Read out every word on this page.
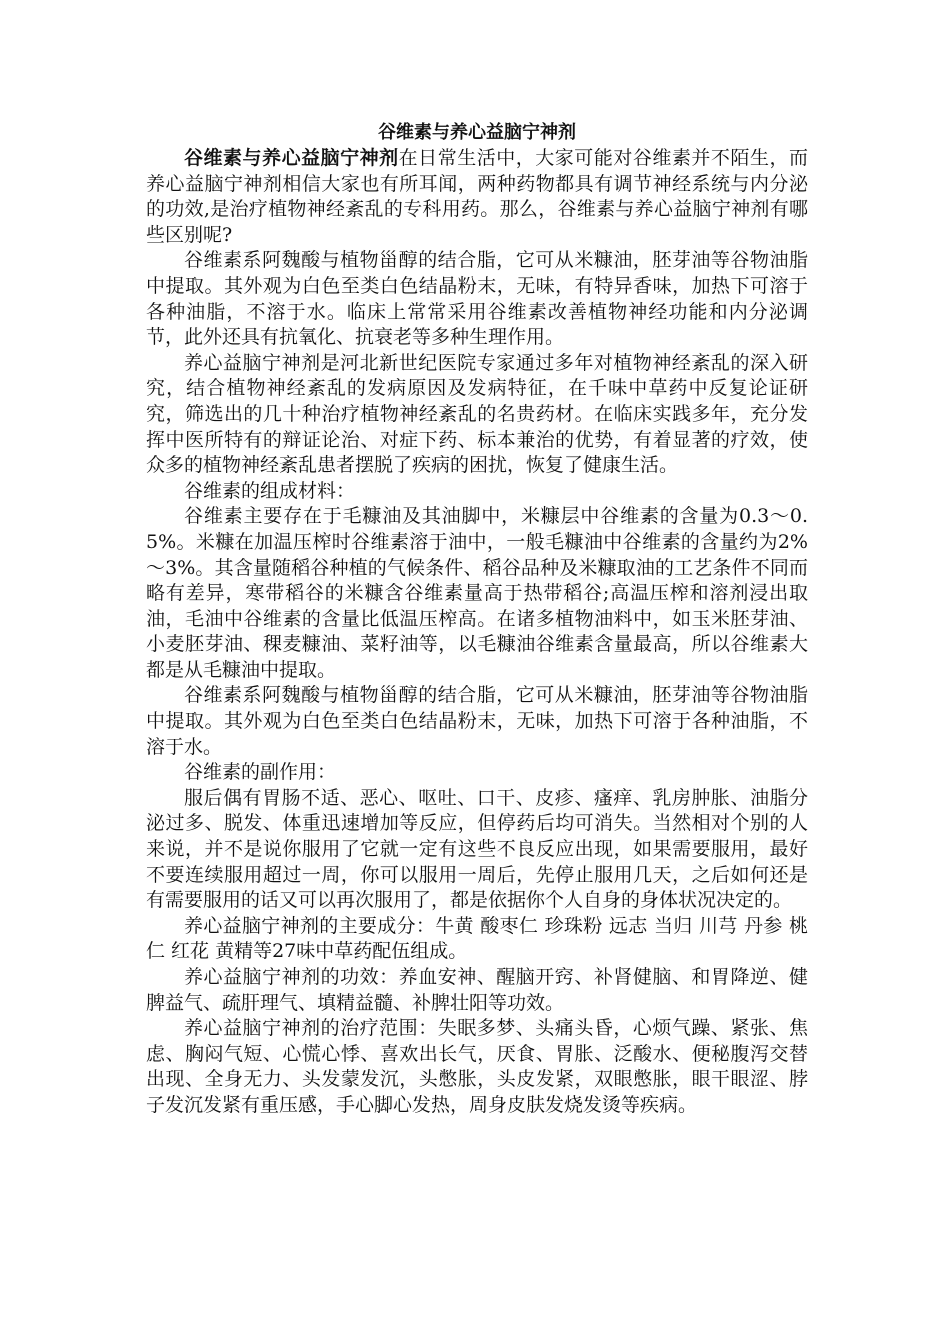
谷维素与养心益脑宁神剂

谷维素与养心益脑宁神剂在日常生活中，大家可能对谷维素并不陌生，而养心益脑宁神剂相信大家也有所耳闻，两种药物都具有调节神经系统与内分泌的功效,是治疗植物神经紊乱的专科用药。那么，谷维素与养心益脑宁神剂有哪些区别呢?

谷维素系阿魏酸与植物甾醇的结合脂，它可从米糠油，胚芽油等谷物油脂中提取。其外观为白色至类白色结晶粉末，无味，有特异香味，加热下可溶于各种油脂，不溶于水。临床上常常采用谷维素改善植物神经功能和内分泌调节，此外还具有抗氧化、抗衰老等多种生理作用。

养心益脑宁神剂是河北新世纪医院专家通过多年对植物神经紊乱的深入研究，结合植物神经紊乱的发病原因及发病特征，在千味中草药中反复论证研究，筛选出的几十种治疗植物神经紊乱的名贵药材。在临床实践多年，充分发挥中医所特有的辩证论治、对症下药、标本兼治的优势，有着显著的疗效，使众多的植物神经紊乱患者摆脱了疾病的困扰，恢复了健康生活。

谷维素的组成材料：

谷维素主要存在于毛糠油及其油脚中，米糠层中谷维素的含量为0.3～0.5%。米糠在加温压榨时谷维素溶于油中，一般毛糠油中谷维素的含量约为2%～3%。其含量随稻谷种植的气候条件、稻谷品种及米糠取油的工艺条件不同而略有差异，寒带稻谷的米糠含谷维素量高于热带稻谷;高温压榨和溶剂浸出取油，毛油中谷维素的含量比低温压榨高。在诸多植物油料中，如玉米胚芽油、小麦胚芽油、稞麦糠油、菜籽油等，以毛糠油谷维素含量最高，所以谷维素大都是从毛糠油中提取。

谷维素系阿魏酸与植物甾醇的结合脂，它可从米糠油，胚芽油等谷物油脂中提取。其外观为白色至类白色结晶粉末，无味，加热下可溶于各种油脂，不溶于水。

谷维素的副作用：

服后偶有胃肠不适、恶心、呕吐、口干、皮疹、瘙痒、乳房肿胀、油脂分泌过多、脱发、体重迅速增加等反应，但停药后均可消失。当然相对个别的人来说，并不是说你服用了它就一定有这些不良反应出现，如果需要服用，最好不要连续服用超过一周，你可以服用一周后，先停止服用几天，之后如何还是有需要服用的话又可以再次服用了，都是依据你个人自身的身体状况决定的。

养心益脑宁神剂的主要成分：牛黄 酸枣仁 珍珠粉 远志 当归 川芎 丹参 桃仁 红花 黄精等27味中草药配伍组成。

养心益脑宁神剂的功效：养血安神、醒脑开窍、补肾健脑、和胃降逆、健脾益气、疏肝理气、填精益髓、补脾壮阳等功效。

养心益脑宁神剂的治疗范围：失眠多梦、头痛头昏，心烦气躁、紧张、焦虑、胸闷气短、心慌心悸、喜欢出长气，厌食、胃胀、泛酸水、便秘腹泻交替出现、全身无力、头发蒙发沉，头憋胀，头皮发紧，双眼憋胀，眼干眼涩、脖子发沉发紧有重压感，手心脚心发热，周身皮肤发烧发烫等疾病。
